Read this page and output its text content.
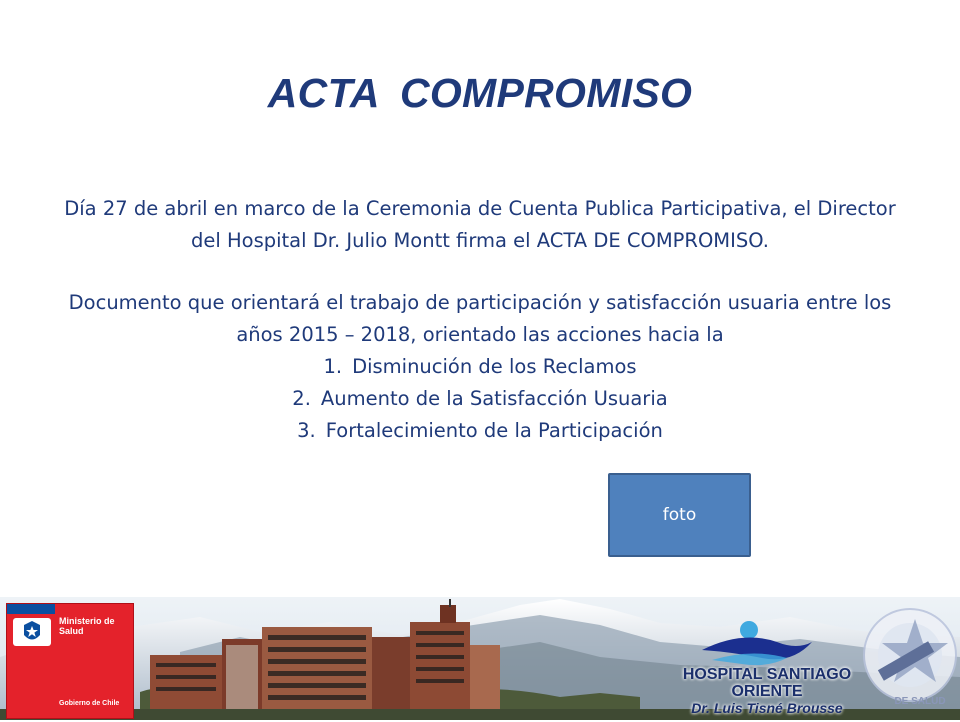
ACTA COMPROMISO

Día 27 de abril en marco de la Ceremonia de Cuenta Publica Participativa, el Director del Hospital Dr. Julio Montt firma el ACTA DE COMPROMISO.

Documento que orientará el trabajo de participación y satisfacción usuaria entre los años 2015 – 2018, orientado las acciones hacia la

1. Disminución de los Reclamos
2. Aumento de la Satisfacción Usuaria
3. Fortalecimiento de la Participación
foto
Ministerio de Salud
Gobierno de Chile
HOSPITAL SANTIAGO ORIENTE
Dr. Luis Tisné Brousse	DE SALUD
